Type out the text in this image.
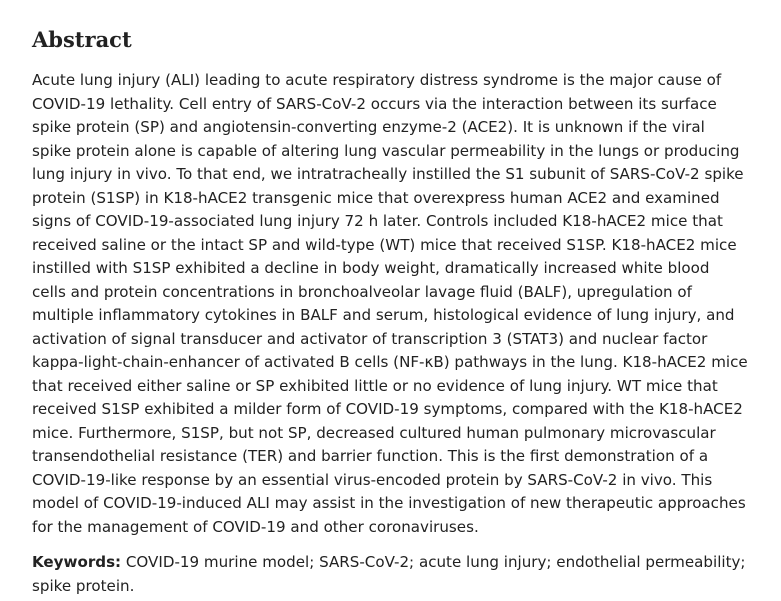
Abstract

Acute lung injury (ALI) leading to acute respiratory distress syndrome is the major cause of COVID-19 lethality. Cell entry of SARS-CoV-2 occurs via the interaction between its surface spike protein (SP) and angiotensin-converting enzyme-2 (ACE2). It is unknown if the viral spike protein alone is capable of altering lung vascular permeability in the lungs or producing lung injury in vivo. To that end, we intratracheally instilled the S1 subunit of SARS-CoV-2 spike protein (S1SP) in K18-hACE2 transgenic mice that overexpress human ACE2 and examined signs of COVID-19-associated lung injury 72 h later. Controls included K18-hACE2 mice that received saline or the intact SP and wild-type (WT) mice that received S1SP. K18-hACE2 mice instilled with S1SP exhibited a decline in body weight, dramatically increased white blood cells and protein concentrations in bronchoalveolar lavage fluid (BALF), upregulation of multiple inflammatory cytokines in BALF and serum, histological evidence of lung injury, and activation of signal transducer and activator of transcription 3 (STAT3) and nuclear factor kappa-light-chain-enhancer of activated B cells (NF-κB) pathways in the lung. K18-hACE2 mice that received either saline or SP exhibited little or no evidence of lung injury. WT mice that received S1SP exhibited a milder form of COVID-19 symptoms, compared with the K18-hACE2 mice. Furthermore, S1SP, but not SP, decreased cultured human pulmonary microvascular transendothelial resistance (TER) and barrier function. This is the first demonstration of a COVID-19-like response by an essential virus-encoded protein by SARS-CoV-2 in vivo. This model of COVID-19-induced ALI may assist in the investigation of new therapeutic approaches for the management of COVID-19 and other coronaviruses.

Keywords: COVID-19 murine model; SARS-CoV-2; acute lung injury; endothelial permeability; spike protein.
